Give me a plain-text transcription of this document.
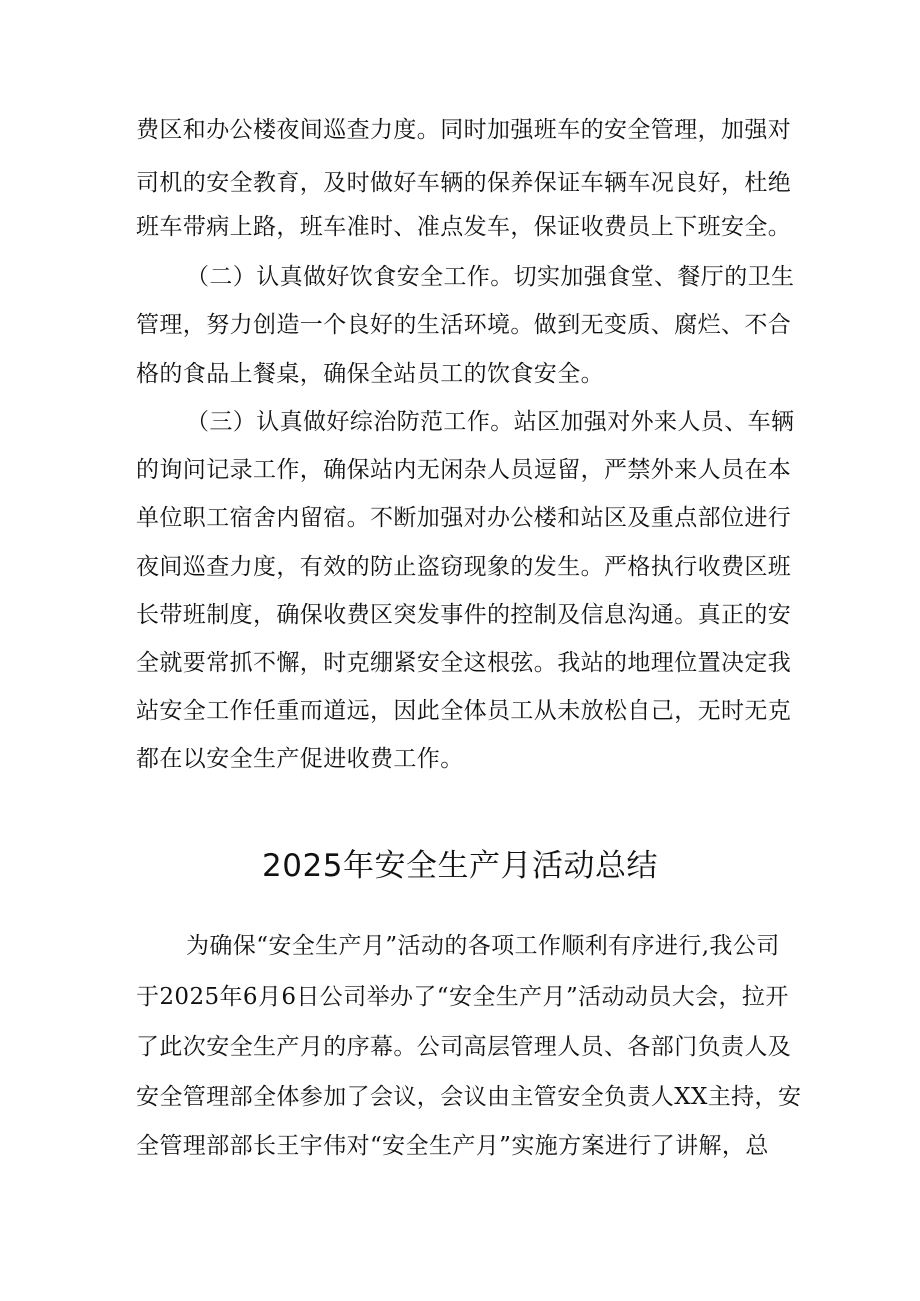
费区和办公楼夜间巡查力度。同时加强班车的安全管理，加强对
司机的安全教育，及时做好车辆的保养保证车辆车况良好，杜绝
班车带病上路，班车准时、准点发车，保证收费员上下班安全。
（二）认真做好饮食安全工作。切实加强食堂、餐厅的卫生
管理，努力创造一个良好的生活环境。做到无变质、腐烂、不合
格的食品上餐桌，确保全站员工的饮食安全。
（三）认真做好综治防范工作。站区加强对外来人员、车辆
的询问记录工作，确保站内无闲杂人员逗留，严禁外来人员在本
单位职工宿舍内留宿。不断加强对办公楼和站区及重点部位进行
夜间巡查力度，有效的防止盗窃现象的发生。严格执行收费区班
长带班制度，确保收费区突发事件的控制及信息沟通。真正的安
全就要常抓不懈，时克绷紧安全这根弦。我站的地理位置决定我
站安全工作任重而道远，因此全体员工从未放松自己，无时无克
都在以安全生产促进收费工作。
2025年安全生产月活动总结
为确保“安全生产月”活动的各项工作顺利有序进行,我公司
于2025年6月6日公司举办了“安全生产月”活动动员大会，拉开
了此次安全生产月的序幕。公司高层管理人员、各部门负责人及
安全管理部全体参加了会议，会议由主管安全负责人XX主持，安
全管理部部长王宇伟对“安全生产月”实施方案进行了讲解，总
